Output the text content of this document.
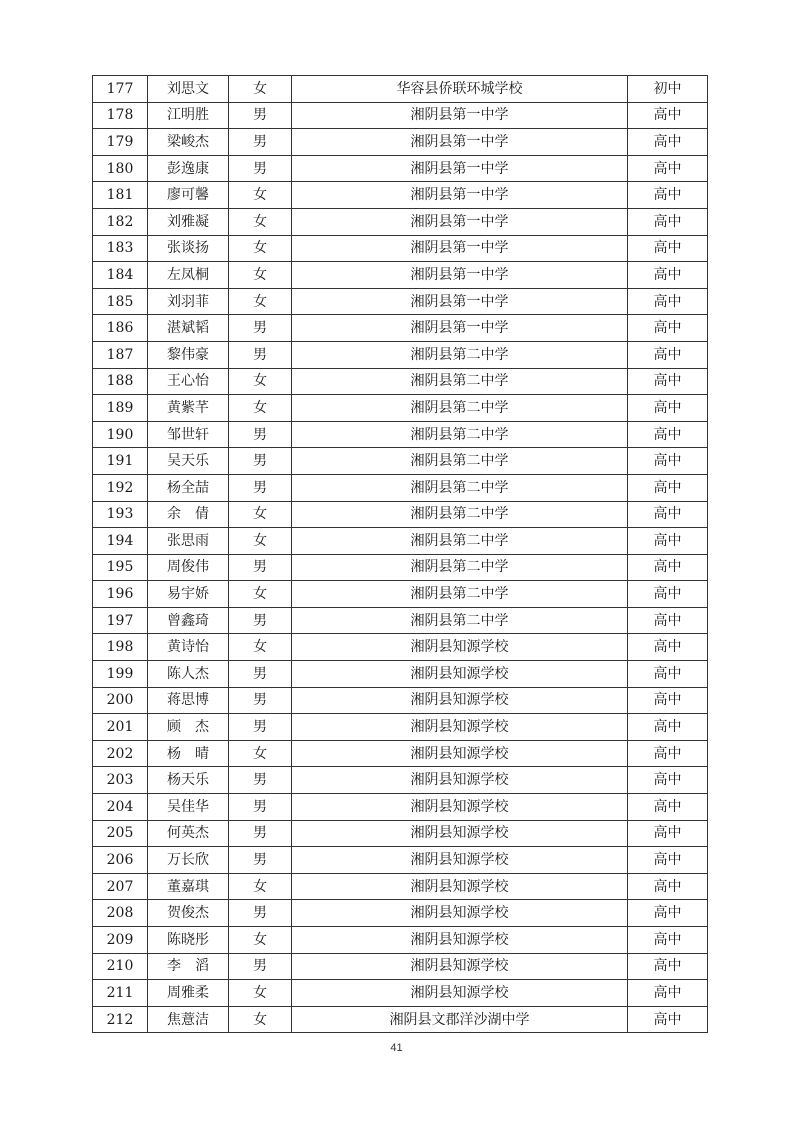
177	刘思文	女	华容县侨联环城学校	初中
178	江明胜	男	湘阴县第一中学	高中
179	梁峻杰	男	湘阴县第一中学	高中
180	彭逸康	男	湘阴县第一中学	高中
181	廖可馨	女	湘阴县第一中学	高中
182	刘雅凝	女	湘阴县第一中学	高中
183	张谈扬	女	湘阴县第一中学	高中
184	左凤桐	女	湘阴县第一中学	高中
185	刘羽菲	女	湘阴县第一中学	高中
186	湛斌韬	男	湘阴县第一中学	高中
187	黎伟豪	男	湘阴县第二中学	高中
188	王心怡	女	湘阴县第二中学	高中
189	黄紫芊	女	湘阴县第二中学	高中
190	邹世轩	男	湘阴县第二中学	高中
191	吴天乐	男	湘阴县第二中学	高中
192	杨全喆	男	湘阴县第二中学	高中
193	余　倩	女	湘阴县第二中学	高中
194	张思雨	女	湘阴县第二中学	高中
195	周俊伟	男	湘阴县第二中学	高中
196	易宇娇	女	湘阴县第二中学	高中
197	曾鑫琦	男	湘阴县第二中学	高中
198	黄诗怡	女	湘阴县知源学校	高中
199	陈人杰	男	湘阴县知源学校	高中
200	蒋思博	男	湘阴县知源学校	高中
201	顾　杰	男	湘阴县知源学校	高中
202	杨　晴	女	湘阴县知源学校	高中
203	杨天乐	男	湘阴县知源学校	高中
204	吴佳华	男	湘阴县知源学校	高中
205	何英杰	男	湘阴县知源学校	高中
206	万长欣	男	湘阴县知源学校	高中
207	董嘉琪	女	湘阴县知源学校	高中
208	贺俊杰	男	湘阴县知源学校	高中
209	陈晓彤	女	湘阴县知源学校	高中
210	李　滔	男	湘阴县知源学校	高中
211	周雅柔	女	湘阴县知源学校	高中
212	焦薏洁	女	湘阴县文郡洋沙湖中学	高中
41
